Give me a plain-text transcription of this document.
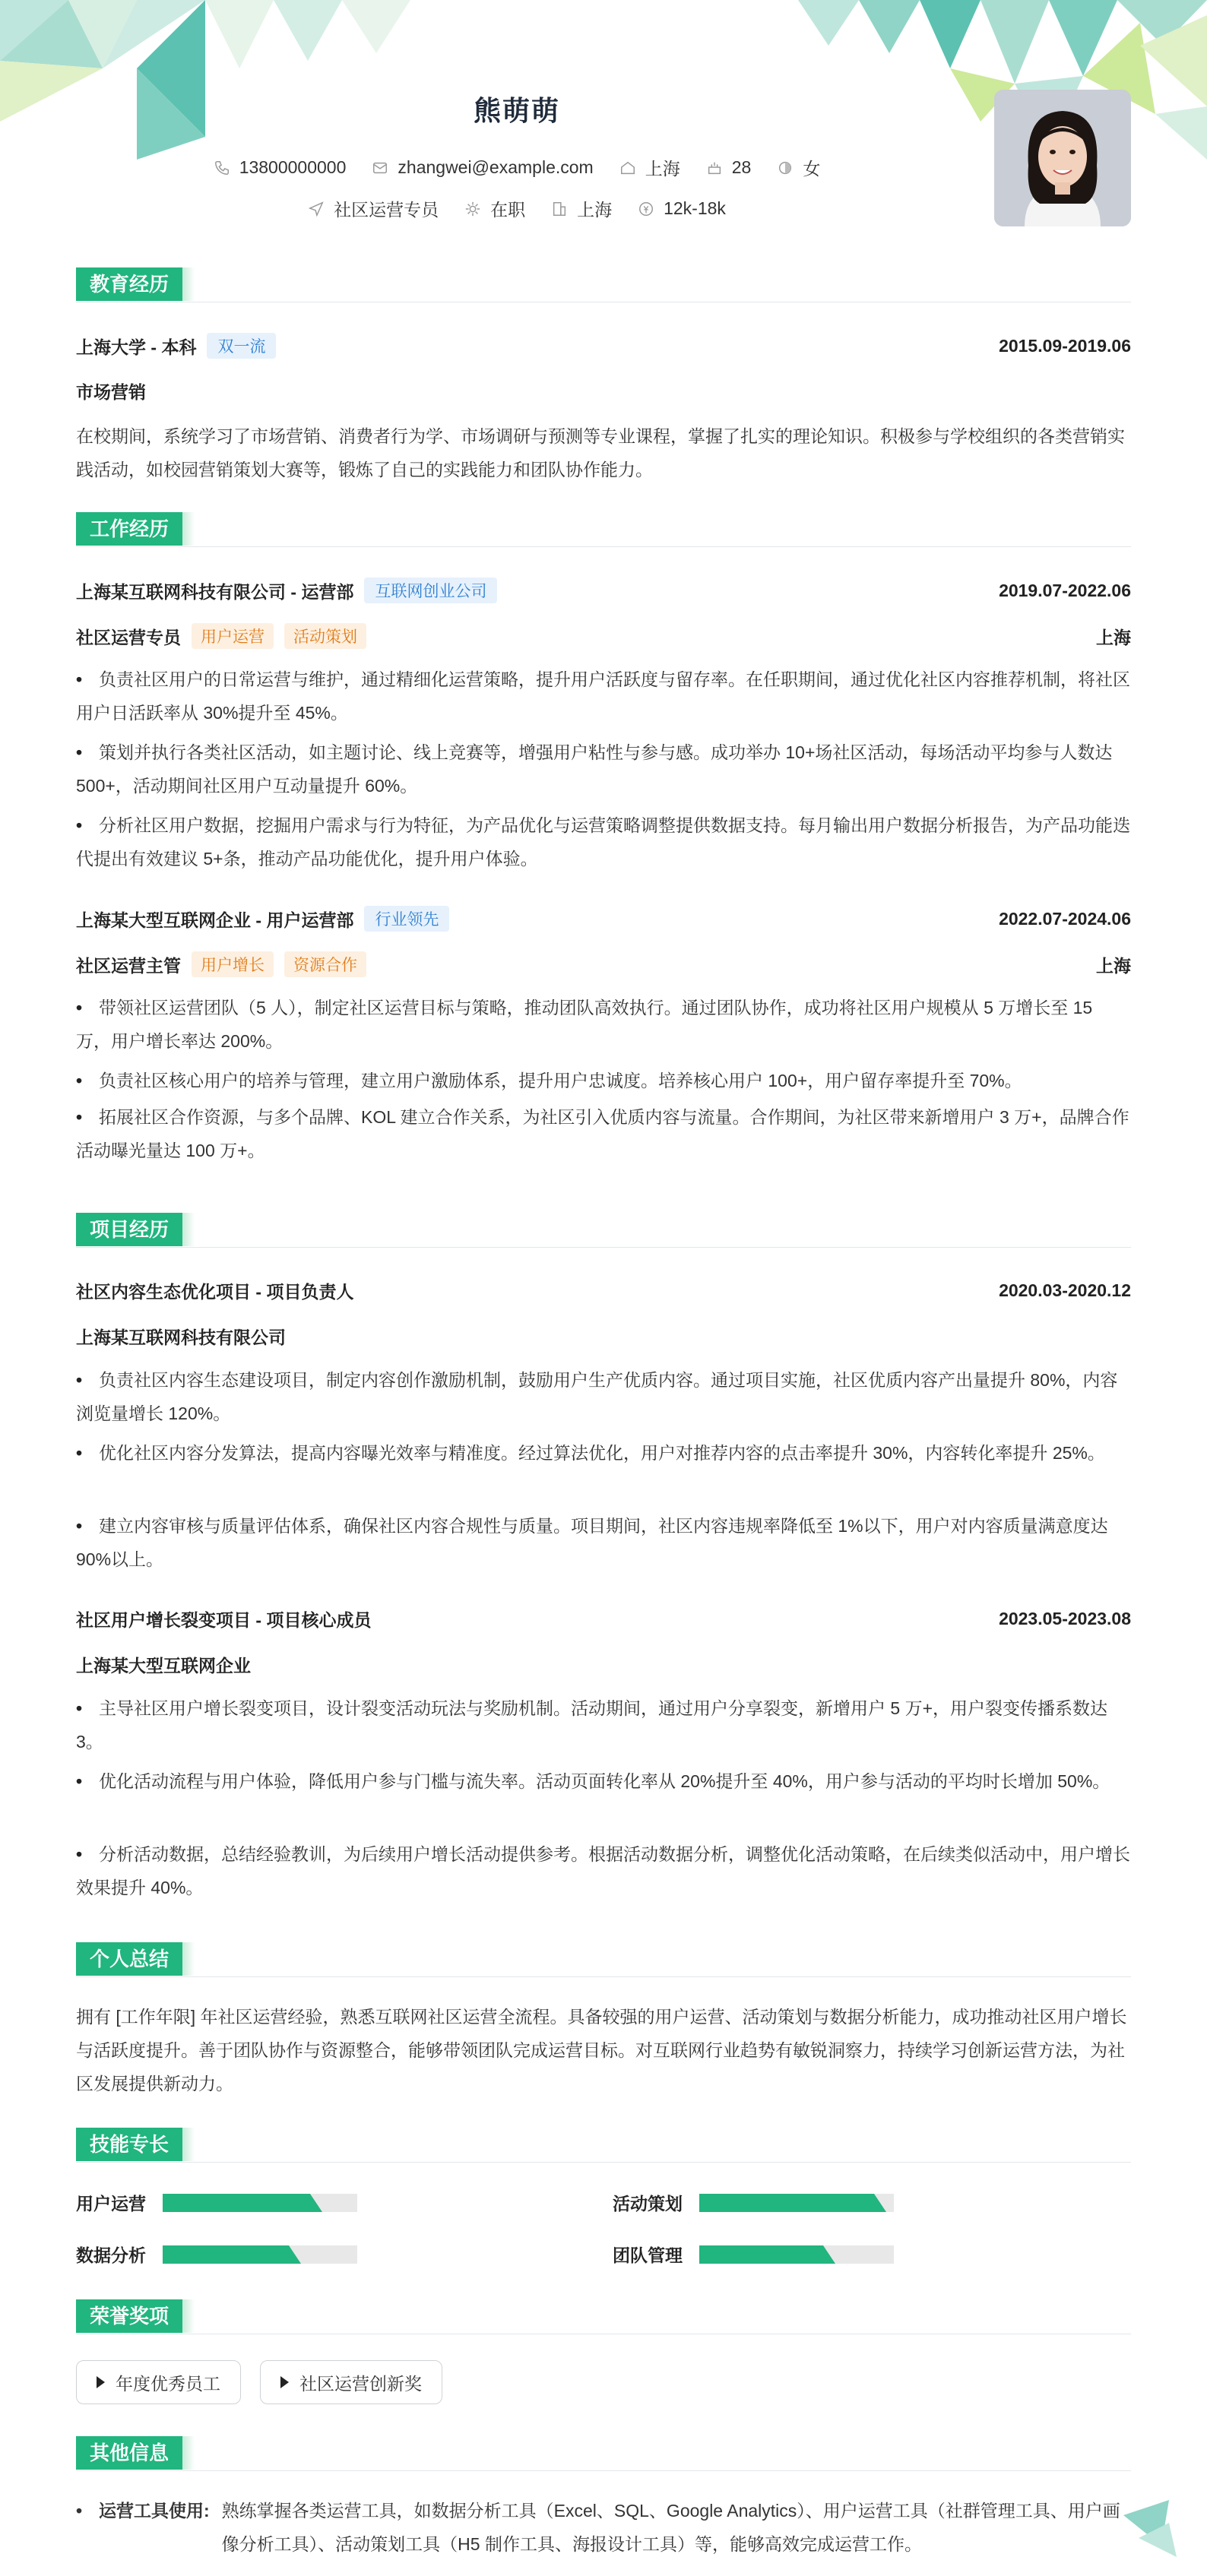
熊萌萌
13800000000	zhangwei@example.com	上海	28	女
社区运营专员	在职	上海	12k-18k
教育经历
上海大学 - 本科	双一流	2015.09-2019.06
市场营销
在校期间，系统学习了市场营销、消费者行为学、市场调研与预测等专业课程，掌握了扎实的理论知识。积极参与学校组织的各类营销实践活动，如校园营销策划大赛等，锻炼了自己的实践能力和团队协作能力。
工作经历
上海某互联网科技有限公司 - 运营部	互联网创业公司	2019.07-2022.06
社区运营专员	用户运营	活动策划	上海
• 负责社区用户的日常运营与维护，通过精细化运营策略，提升用户活跃度与留存率。在任职期间，通过优化社区内容推荐机制，将社区用户日活跃率从 30%提升至 45%。
• 策划并执行各类社区活动，如主题讨论、线上竞赛等，增强用户粘性与参与感。成功举办 10+场社区活动，每场活动平均参与人数达 500+，活动期间社区用户互动量提升 60%。
• 分析社区用户数据，挖掘用户需求与行为特征，为产品优化与运营策略调整提供数据支持。每月输出用户数据分析报告，为产品功能迭代提出有效建议 5+条，推动产品功能优化，提升用户体验。
上海某大型互联网企业 - 用户运营部	行业领先	2022.07-2024.06
社区运营主管	用户增长	资源合作	上海
• 带领社区运营团队（5 人），制定社区运营目标与策略，推动团队高效执行。通过团队协作，成功将社区用户规模从 5 万增长至 15 万，用户增长率达 200%。
• 负责社区核心用户的培养与管理，建立用户激励体系，提升用户忠诚度。培养核心用户 100+，用户留存率提升至 70%。
• 拓展社区合作资源，与多个品牌、KOL 建立合作关系，为社区引入优质内容与流量。合作期间，为社区带来新增用户 3 万+，品牌合作活动曝光量达 100 万+。
项目经历
社区内容生态优化项目 - 项目负责人	2020.03-2020.12
上海某互联网科技有限公司
• 负责社区内容生态建设项目，制定内容创作激励机制，鼓励用户生产优质内容。通过项目实施，社区优质内容产出量提升 80%，内容浏览量增长 120%。
• 优化社区内容分发算法，提高内容曝光效率与精准度。经过算法优化，用户对推荐内容的点击率提升 30%，内容转化率提升 25%。
• 建立内容审核与质量评估体系，确保社区内容合规性与质量。项目期间，社区内容违规率降低至 1%以下，用户对内容质量满意度达 90%以上。
社区用户增长裂变项目 - 项目核心成员	2023.05-2023.08
上海某大型互联网企业
• 主导社区用户增长裂变项目，设计裂变活动玩法与奖励机制。活动期间，通过用户分享裂变，新增用户 5 万+，用户裂变传播系数达 3。
• 优化活动流程与用户体验，降低用户参与门槛与流失率。活动页面转化率从 20%提升至 40%，用户参与活动的平均时长增加 50%。
• 分析活动数据，总结经验教训，为后续用户增长活动提供参考。根据活动数据分析，调整优化活动策略，在后续类似活动中，用户增长效果提升 40%。
个人总结
拥有 [工作年限] 年社区运营经验，熟悉互联网社区运营全流程。具备较强的用户运营、活动策划与数据分析能力，成功推动社区用户增长与活跃度提升。善于团队协作与资源整合，能够带领团队完成运营目标。对互联网行业趋势有敏锐洞察力，持续学习创新运营方法，为社区发展提供新动力。
技能专长
用户运营	活动策划
数据分析	团队管理
荣誉奖项
年度优秀员工	社区运营创新奖
其他信息
• 运营工具使用: 熟练掌握各类运营工具，如数据分析工具（Excel、SQL、Google Analytics）、用户运营工具（社群管理工具、用户画像分析工具）、活动策划工具（H5 制作工具、海报设计工具）等，能够高效完成运营工作。
